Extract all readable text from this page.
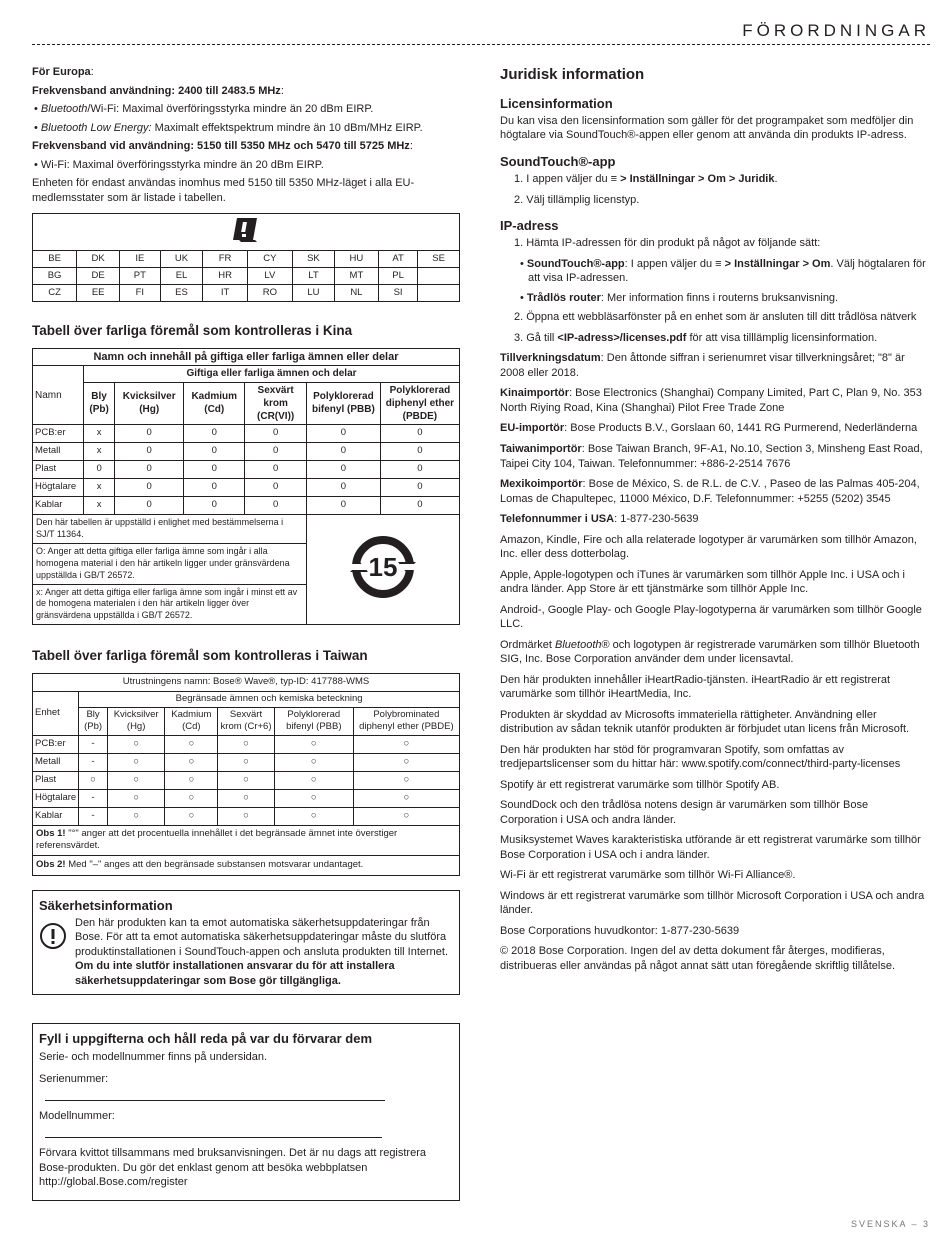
FÖRORDNINGAR

För Europa:

Frekvensband användning: 2400 till 2483.5 MHz:

• Bluetooth/Wi-Fi: Maximal överföringsstyrka mindre än 20 dBm EIRP.

• Bluetooth Low Energy: Maximalt effektspektrum mindre än 10 dBm/MHz EIRP.

Frekvensband vid användning: 5150 till 5350 MHz och 5470 till 5725 MHz:

• Wi-Fi: Maximal överföringsstyrka mindre än 20 dBm EIRP.

Enheten för endast användas inomhus med 5150 till 5350 MHz-läget i alla EU-medlemsstater som är listade i tabellen.

BE	DK	IE	UK	FR	CY	SK	HU	AT	SE
BG	DE	PT	EL	HR	LV	LT	MT	PL	
CZ	EE	FI	ES	IT	RO	LU	NL	SI	
Tabell över farliga föremål som kontrolleras i Kina
Namn och innehåll på giftiga eller farliga ämnen eller delar						
Namn	Giftiga eller farliga ämnen och delar					
	Bly (Pb)	Kvicksilver (Hg)	Kadmium (Cd)	Sexvärt krom (CR(VI))	Polyklorerad bifenyl (PBB)	Polyklorerad diphenyl ether (PBDE)
PCB:er	x	0	0	0	0	0
Metall	x	0	0	0	0	0
Plast	0	0	0	0	0	0
Högtalare	x	0	0	0	0	0
Kablar	x	0	0	0	0	0
Den här tabellen är uppställd i enlighet med bestämmelserna i SJ/T 11364.					15	

O: Anger att detta giftiga eller farliga ämne som ingår i alla homogena material i den här artikeln ligger under gränsvärdena uppställda i GB/T 26572.						
x: Anger att detta giftiga eller farliga ämne som ingår i minst ett av de homogena materialen i den här artikeln ligger över gränsvärdena uppställda i GB/T 26572.						
Tabell över farliga föremål som kontrolleras i Taiwan
Utrustningens namn: Bose® Wave®, typ-ID: 417788-WMS						
Enhet	Begränsade ämnen och kemiska beteckning					
	Bly (Pb)	Kvicksilver (Hg)	Kadmium (Cd)	Sexvärt krom (Cr+6)	Polyklorerad bifenyl (PBB)	Polybrominated diphenyl ether (PBDE)
PCB:er	-	○	○	○	○	○
Metall	-	○	○	○	○	○
Plast	○	○	○	○	○	○
Högtalare	-	○	○	○	○	○
Kablar	-	○	○	○	○	○
Obs 1! "°" anger att det procentuella innehållet i det begränsade ämnet inte överstiger referensvärdet.						
Obs 2! Med "–" anges att den begränsade substansen motsvarar undantaget.						
Säkerhetsinformation

Den här produkten kan ta emot automatiska säkerhetsuppdateringar från Bose. För att ta emot automatiska säkerhetsuppdateringar måste du slutföra produktinstallationen i SoundTouch-appen och ansluta produkten till Internet. Om du inte slutför installationen ansvarar du för att installera säkerhetsuppdateringar som Bose gör tillgängliga.

Fyll i uppgifterna och håll reda på var du förvarar dem

Serie- och modellnummer finns på undersidan.

Serienummer:

Modellnummer:

Förvara kvittot tillsammans med bruksanvisningen. Det är nu dags att registrera Bose-produkten. Du gör det enklast genom att besöka webbplatsen http://global.Bose.com/register

Juridisk information
Licensinformation

Du kan visa den licensinformation som gäller för det programpaket som medföljer din högtalare via SoundTouch®-appen eller genom att använda din produkts IP-adress.

SoundTouch®-app

1. I appen väljer du ≡ > Inställningar > Om > Juridik.

2. Välj tillämplig licenstyp.

IP-adress

1. Hämta IP-adressen för din produkt på något av följande sätt:

• SoundTouch®-app: I appen väljer du ≡ > Inställningar > Om. Välj högtalaren för att visa IP-adressen.

• Trådlös router: Mer information finns i routerns bruksanvisning.

2. Öppna ett webbläsarfönster på en enhet som är ansluten till ditt trådlösa nätverk

3. Gå till <IP-adress>/licenses.pdf för att visa tilllämplig licensinformation.

Tillverkningsdatum: Den åttonde siffran i serienumret visar tillverkningsåret; "8" är 2008 eller 2018.

Kinaimportör: Bose Electronics (Shanghai) Company Limited, Part C, Plan 9, No. 353 North Riying Road, Kina (Shanghai) Pilot Free Trade Zone

EU-importör: Bose Products B.V., Gorslaan 60, 1441 RG Purmerend, Nederländerna

Taiwanimportör: Bose Taiwan Branch, 9F-A1, No.10, Section 3, Minsheng East Road, Taipei City 104, Taiwan. Telefonnummer: +886-2-2514 7676

Mexikoimportör: Bose de México, S. de R.L. de C.V. , Paseo de las Palmas 405-204, Lomas de Chapultepec, 11000 México, D.F. Telefonnummer: +5255 (5202) 3545

Telefonnummer i USA: 1-877-230-5639

Amazon, Kindle, Fire och alla relaterade logotyper är varumärken som tillhör Amazon, Inc. eller dess dotterbolag.

Apple, Apple-logotypen och iTunes är varumärken som tillhör Apple Inc. i USA och i andra länder. App Store är ett tjänstmärke som tillhör Apple Inc.

Android-, Google Play- och Google Play-logotyperna är varumärken som tillhör Google LLC.

Ordmärket Bluetooth® och logotypen är registrerade varumärken som tillhör Bluetooth SIG, Inc. Bose Corporation använder dem under licensavtal.

Den här produkten innehåller iHeartRadio-tjänsten. iHeartRadio är ett registrerat varumärke som tillhör iHeartMedia, Inc.

Produkten är skyddad av Microsofts immateriella rättigheter. Användning eller distribution av sådan teknik utanför produkten är förbjudet utan licens från Microsoft.

Den här produkten har stöd för programvaran Spotify, som omfattas av tredjepartslicenser som du hittar här: www.spotify.com/connect/third-party-licenses

Spotify är ett registrerat varumärke som tillhör Spotify AB.

SoundDock och den trådlösa notens design är varumärken som tillhör Bose Corporation i USA och andra länder.

Musiksystemet Waves karakteristiska utförande är ett registrerat varumärke som tillhör Bose Corporation i USA och i andra länder.

Wi-Fi är ett registrerat varumärke som tillhör Wi-Fi Alliance®.

Windows är ett registrerat varumärke som tillhör Microsoft Corporation i USA och andra länder.

Bose Corporations huvudkontor: 1-877-230-5639

© 2018 Bose Corporation. Ingen del av detta dokument får återges, modifieras, distribueras eller användas på något annat sätt utan föregående skriftlig tillåtelse.

SVENSKA – 3
